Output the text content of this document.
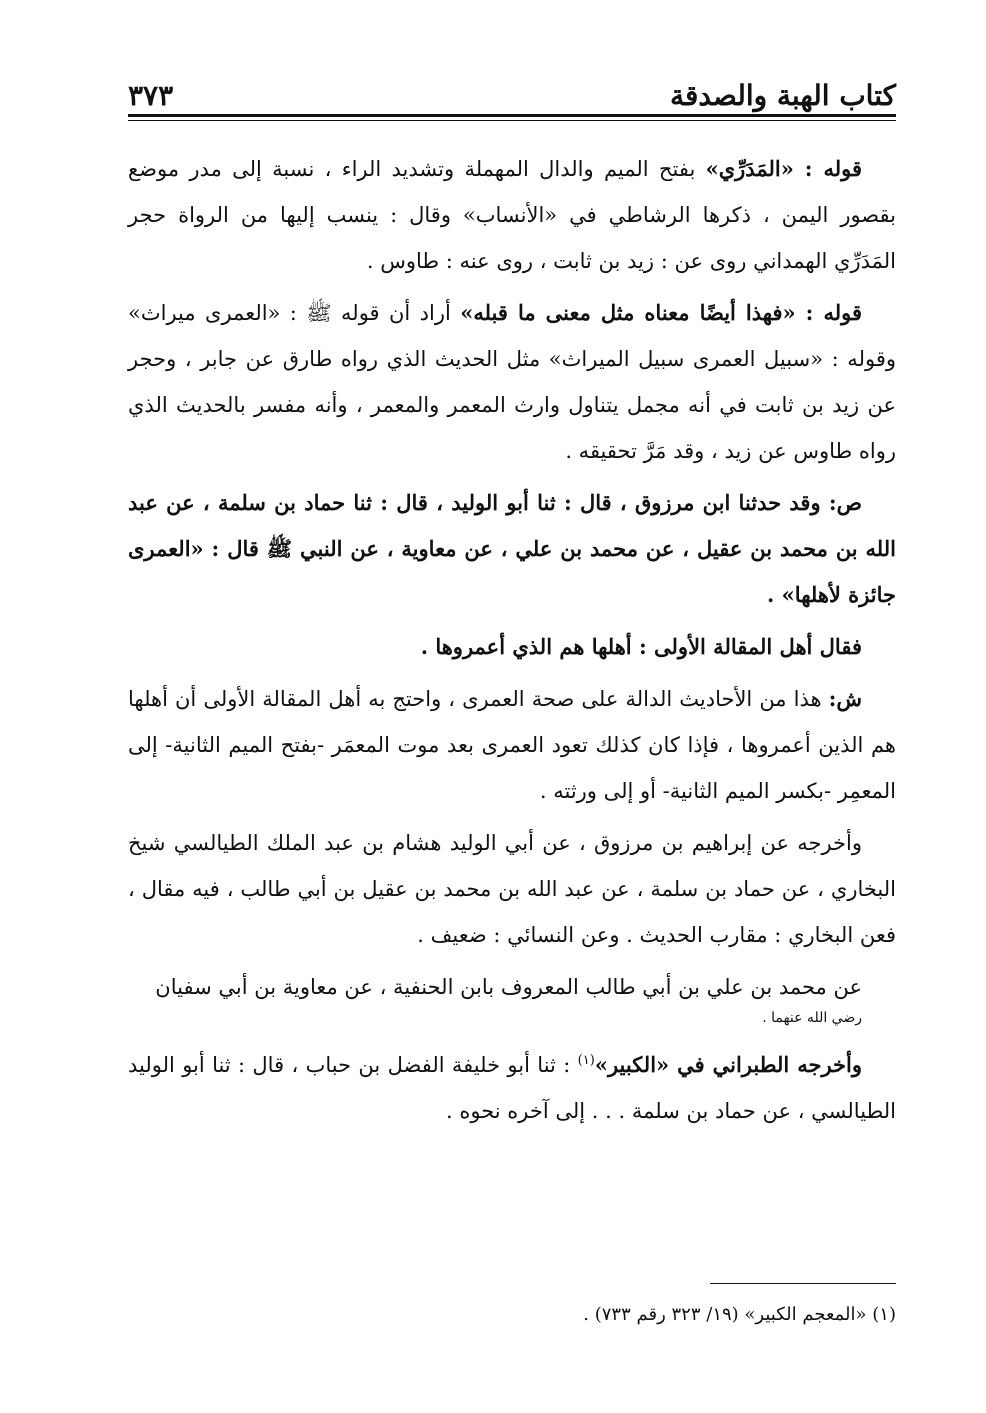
كتاب الهبة والصدقة
٣٧٣

قوله : «المَدَرِّي» بفتح الميم والدال المهملة وتشديد الراء ، نسبة إلى مدر موضع بقصور اليمن ، ذكرها الرشاطي في «الأنساب» وقال : ينسب إليها من الرواة حجر المَدَرِّي الهمداني روى عن : زيد بن ثابت ، روى عنه : طاوس .

قوله : «فهذا أيضًا معناه مثل معنى ما قبله» أراد أن قوله ﷺ : «العمرى ميراث» وقوله : «سبيل العمرى سبيل الميراث» مثل الحديث الذي رواه طارق عن جابر ، وحجر عن زيد بن ثابت في أنه مجمل يتناول وارث المعمر والمعمر ، وأنه مفسر بالحديث الذي رواه طاوس عن زيد ، وقد مَرَّ تحقيقه .

ص: وقد حدثنا ابن مرزوق ، قال : ثنا أبو الوليد ، قال : ثنا حماد بن سلمة ، عن عبد الله بن محمد بن عقيل ، عن محمد بن علي ، عن معاوية ، عن النبي ﷺ قال : «العمرى جائزة لأهلها» .

فقال أهل المقالة الأولى : أهلها هم الذي أعمروها .

ش: هذا من الأحاديث الدالة على صحة العمرى ، واحتج به أهل المقالة الأولى أن أهلها هم الذين أعمروها ، فإذا كان كذلك تعود العمرى بعد موت المعمَر -بفتح الميم الثانية- إلى المعمِر -بكسر الميم الثانية- أو إلى ورثته .

وأخرجه عن إبراهيم بن مرزوق ، عن أبي الوليد هشام بن عبد الملك الطيالسي شيخ البخاري ، عن حماد بن سلمة ، عن عبد الله بن محمد بن عقيل بن أبي طالب ، فيه مقال ، فعن البخاري : مقارب الحديث . وعن النسائي : ضعيف .

عن محمد بن علي بن أبي طالب المعروف بابن الحنفية ، عن معاوية بن أبي سفيان
رضي الله عنهما .

وأخرجه الطبراني في «الكبير»$^{(١)}$ : ثنا أبو خليفة الفضل بن حباب ، قال : ثنا أبو الوليد الطيالسي ، عن حماد بن سلمة . . . إلى آخره نحوه .

(١) «المعجم الكبير» (١٩/ ٣٢٣ رقم ٧٣٣) .
